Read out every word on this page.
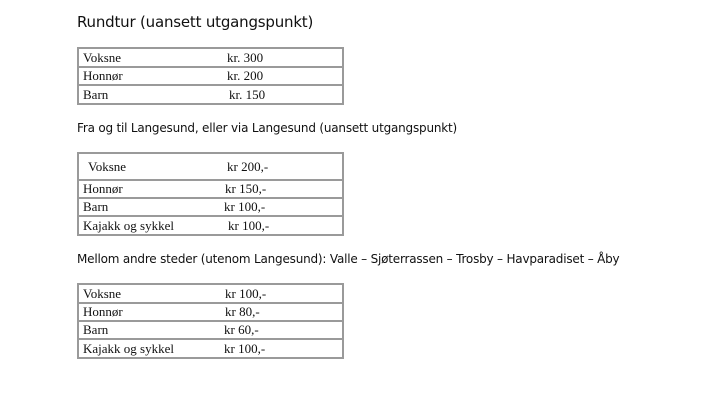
Rundtur (uansett utgangspunkt)
Voksne	kr. 300
Honnør	kr. 200
Barn	kr. 150
Fra og til Langesund, eller via Langesund (uansett utgangspunkt)
Voksne	kr 200,-
Honnør	kr 150,-
Barn	kr 100,-
Kajakk og sykkel	kr 100,-
Mellom andre steder (utenom Langesund): Valle – Sjøterrassen – Trosby – Havparadiset – Åby
Voksne	kr 100,-
Honnør	kr 80,-
Barn	kr 60,-
Kajakk og sykkel	kr 100,-
